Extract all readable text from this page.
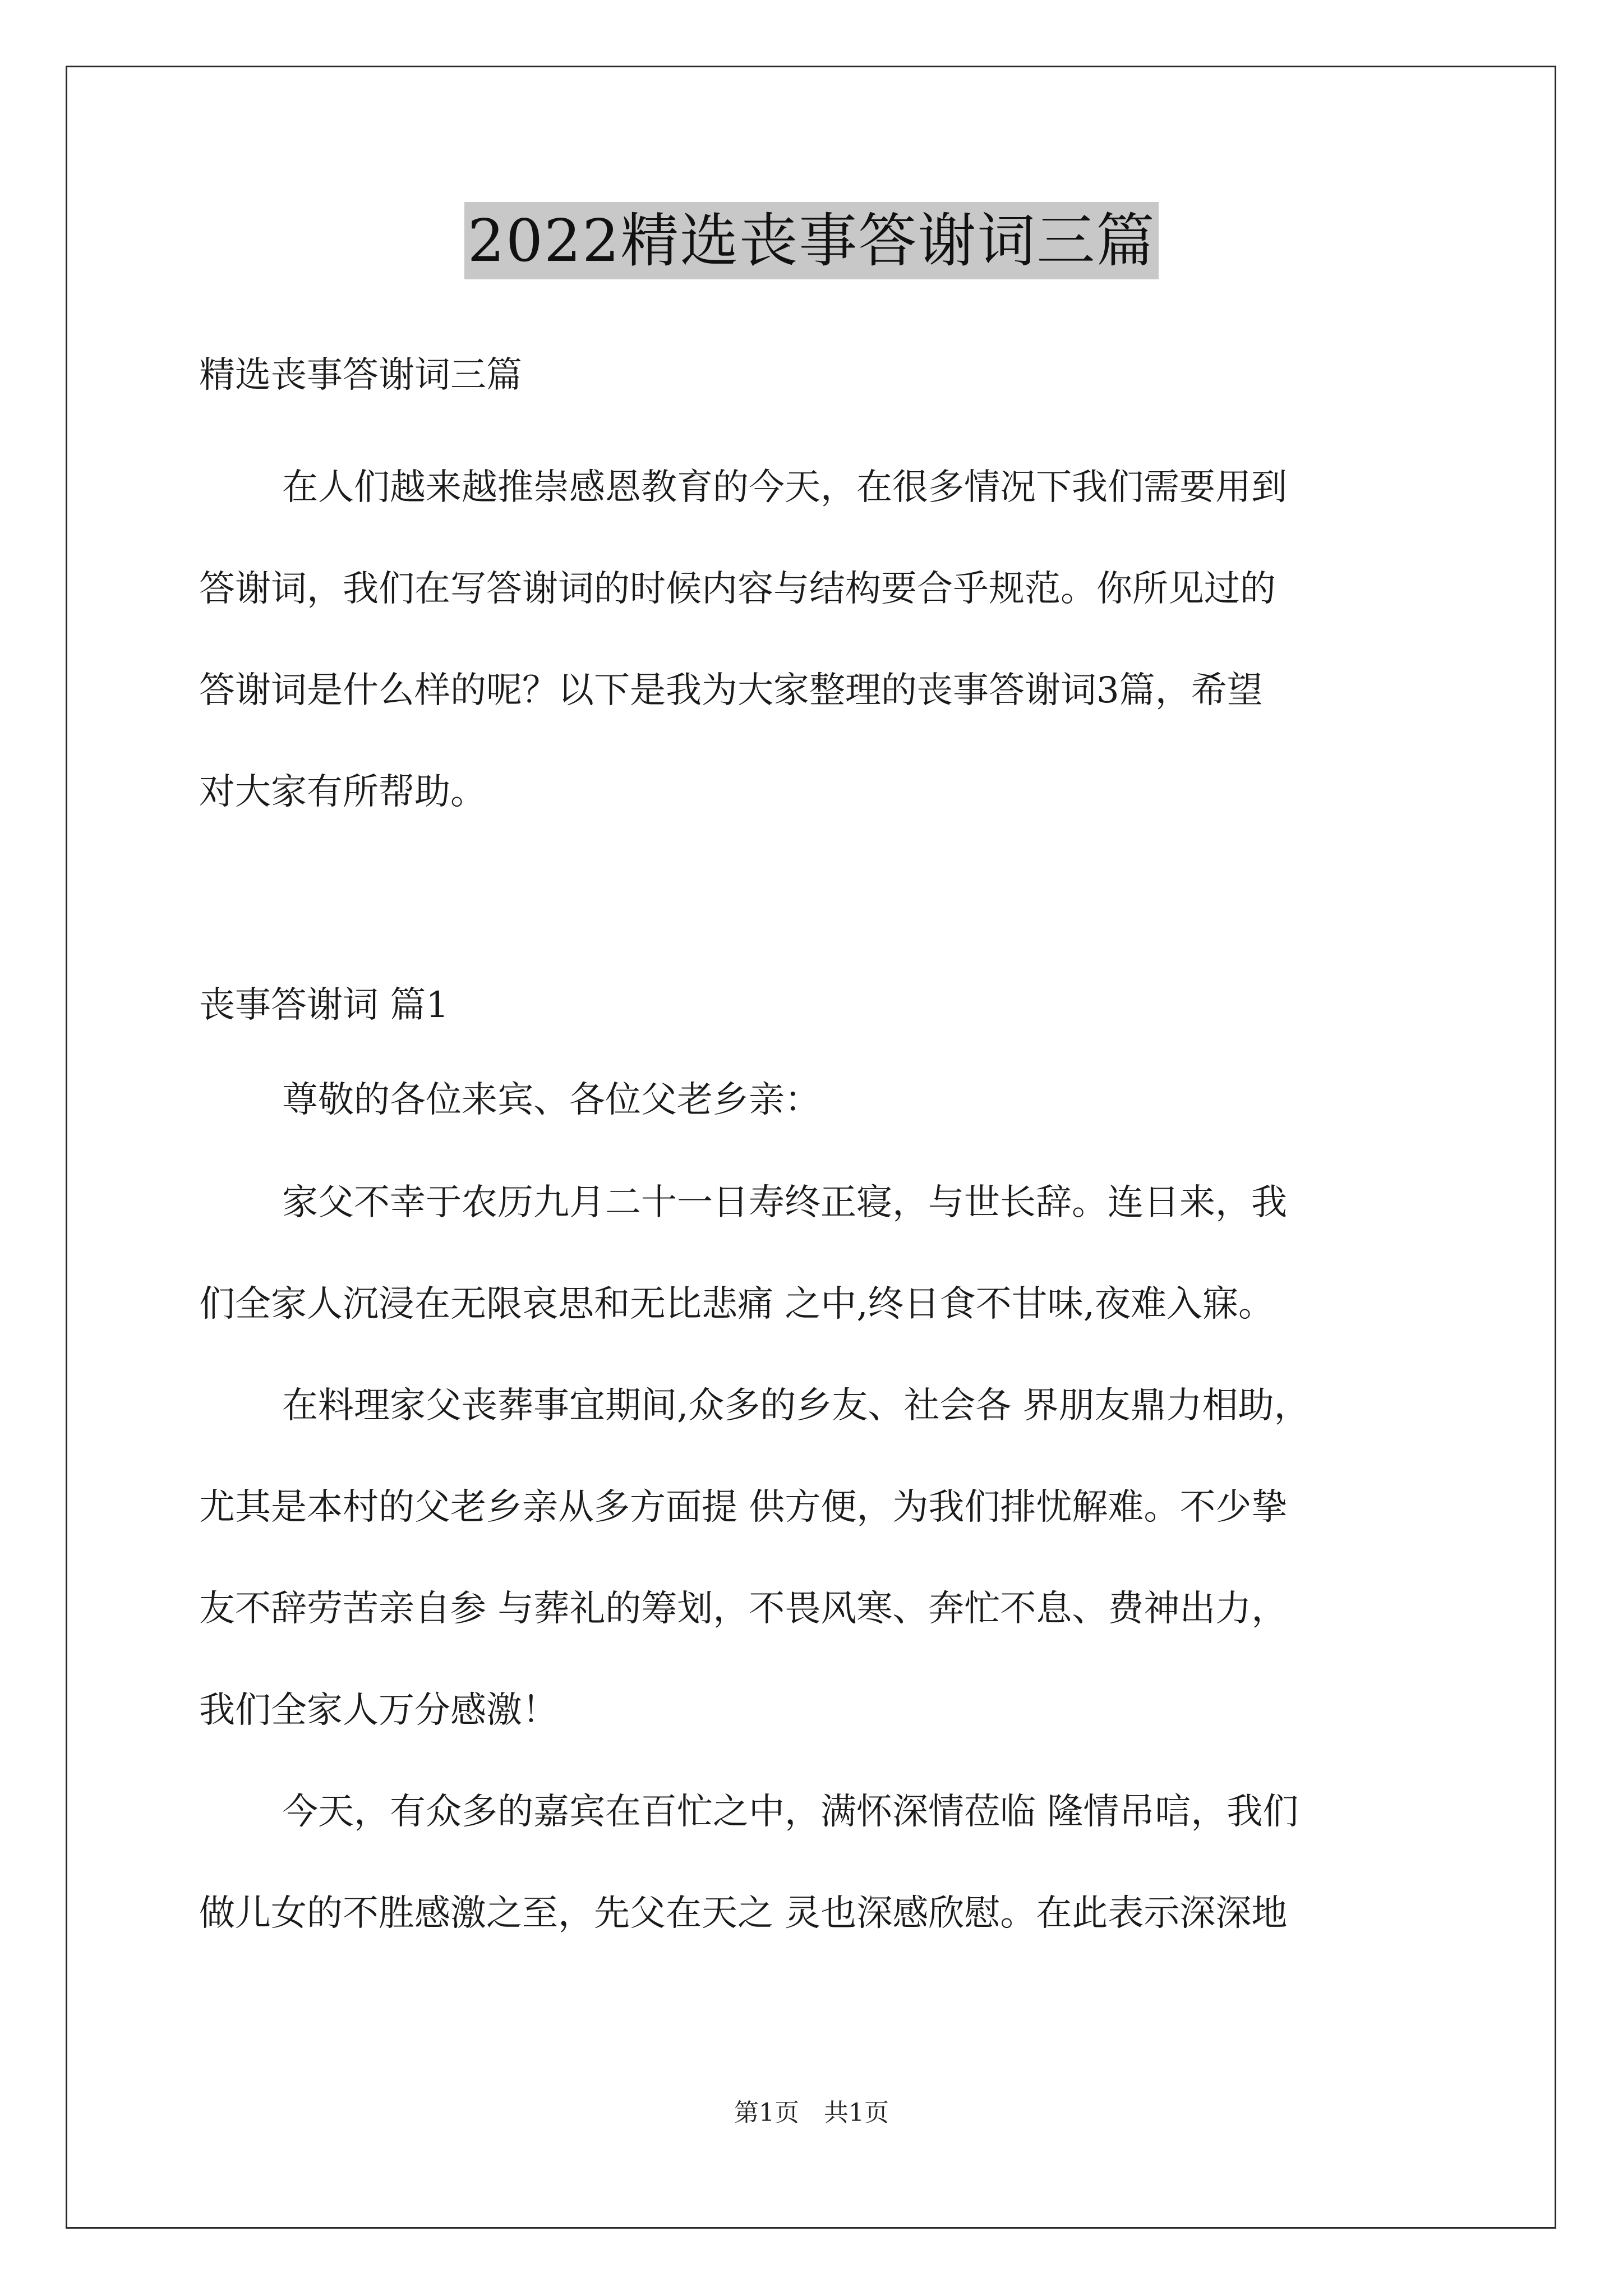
2022精选丧事答谢词三篇
精选丧事答谢词三篇
在人们越来越推崇感恩教育的今天，在很多情况下我们需要用到
答谢词，我们在写答谢词的时候内容与结构要合乎规范。你所见过的
答谢词是什么样的呢？以下是我为大家整理的丧事答谢词3篇，希望
对大家有所帮助。
丧事答谢词 篇1
尊敬的各位来宾、各位父老乡亲：
家父不幸于农历九月二十一日寿终正寝，与世长辞。连日来，我
们全家人沉浸在无限哀思和无比悲痛 之中,终日食不甘味,夜难入寐。
在料理家父丧葬事宜期间,众多的乡友、社会各 界朋友鼎力相助，
尤其是本村的父老乡亲从多方面提 供方便，为我们排忧解难。不少挚
友不辞劳苦亲自参 与葬礼的筹划，不畏风寒、奔忙不息、费神出力，
我们全家人万分感激！
今天，有众多的嘉宾在百忙之中，满怀深情莅临 隆情吊唁，我们
做儿女的不胜感激之至，先父在天之 灵也深感欣慰。在此表示深深地
第1页　共1页
